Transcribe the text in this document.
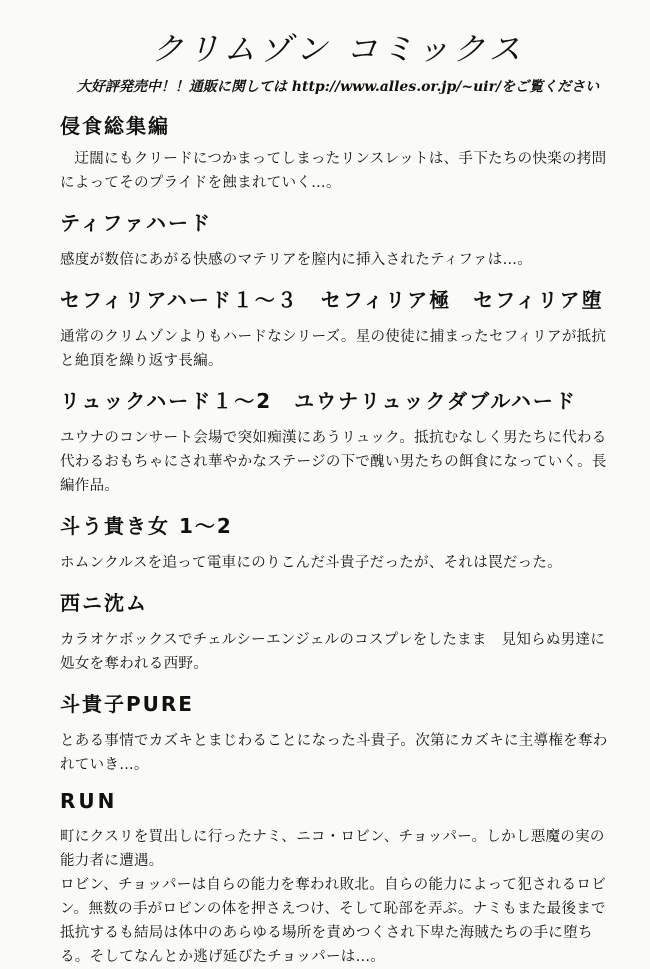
クリムゾン コミックス
大好評発売中！！通販に関しては http://www.alles.or.jp/~uir/をご覧ください
侵食総集編

迂闊にもクリードにつかまってしまったリンスレットは、手下たちの快楽の拷問によってそのプライドを蝕まれていく…。

ティファハード

感度が数倍にあがる快感のマテリアを膣内に挿入されたティファは…。

セフィリアハード１〜３　セフィリア極　セフィリア堕

通常のクリムゾンよりもハードなシリーズ。星の使徒に捕まったセフィリアが抵抗と絶頂を繰り返す長編。

リュックハード１〜2　ユウナリュックダブルハード

ユウナのコンサート会場で突如痴漢にあうリュック。抵抗むなしく男たちに代わる代わるおもちゃにされ華やかなステージの下で醜い男たちの餌食になっていく。長編作品。

斗う貴き女 1〜2

ホムンクルスを追って電車にのりこんだ斗貴子だったが、それは罠だった。

西ニ沈ム

カラオケボックスでチェルシーエンジェルのコスプレをしたまま　見知らぬ男達に処女を奪われる西野。

斗貴子PURE

とある事情でカズキとまじわることになった斗貴子。次第にカズキに主導権を奪われていき…。

RUN

町にクスリを買出しに行ったナミ、ニコ・ロビン、チョッパー。しかし悪魔の実の能力者に遭遇。

ロビン、チョッパーは自らの能力を奪われ敗北。自らの能力によって犯されるロビン。無数の手がロビンの体を押さえつけ、そして恥部を弄ぶ。ナミもまた最後まで抵抗するも結局は体中のあらゆる場所を責めつくされ下卑た海賊たちの手に堕ちる。そしてなんとか逃げ延びたチョッパーは…。
